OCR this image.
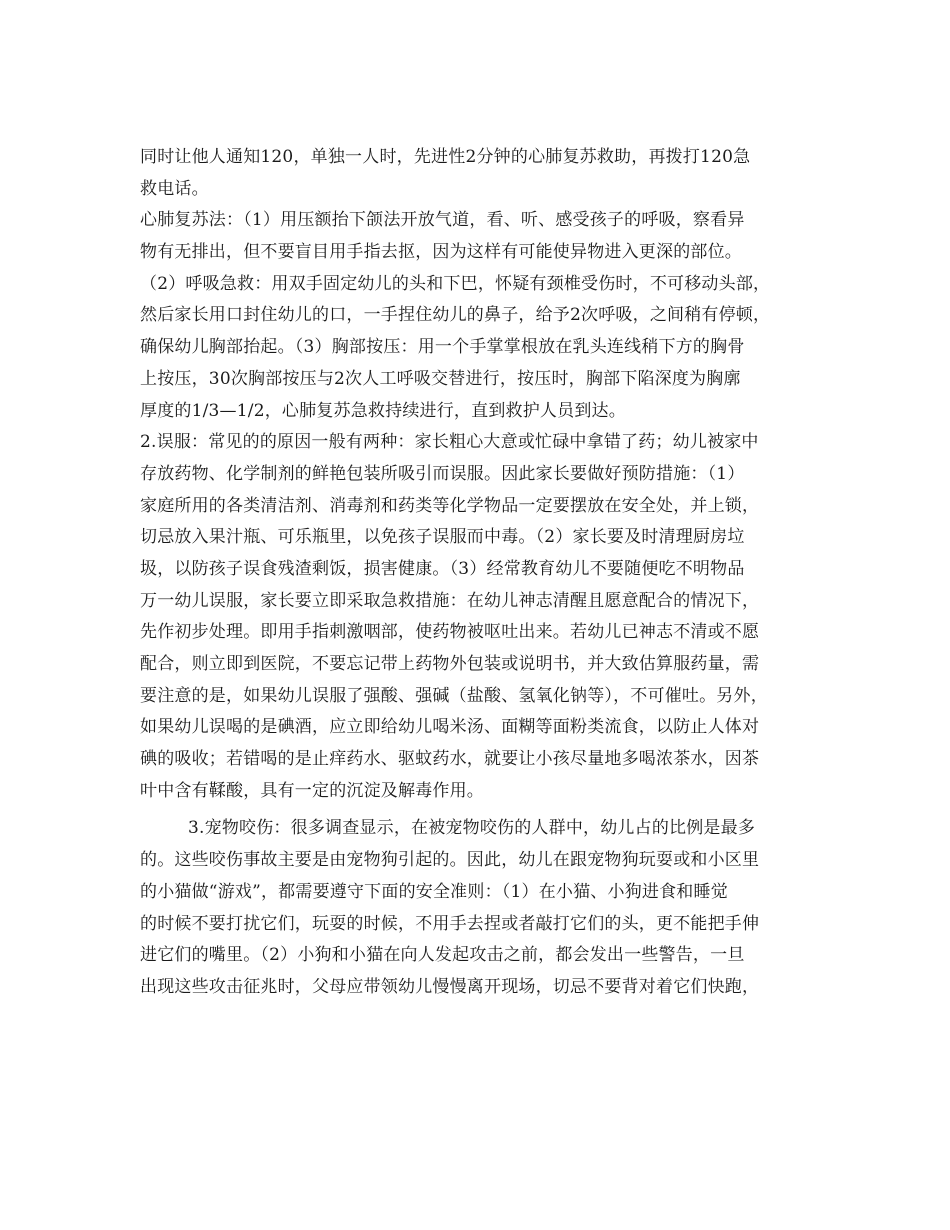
同时让他人通知120，单独一人时，先进性2分钟的心肺复苏救助，再拨打120急
救电话。
心肺复苏法：（1）用压额抬下颌法开放气道，看、听、感受孩子的呼吸，察看异
物有无排出，但不要盲目用手指去抠，因为这样有可能使异物进入更深的部位。
（2）呼吸急救：用双手固定幼儿的头和下巴，怀疑有颈椎受伤时，不可移动头部，
然后家长用口封住幼儿的口，一手捏住幼儿的鼻子，给予2次呼吸，之间稍有停顿，
确保幼儿胸部抬起。（3）胸部按压：用一个手掌掌根放在乳头连线稍下方的胸骨
上按压，30次胸部按压与2次人工呼吸交替进行，按压时，胸部下陷深度为胸廓
厚度的1/3—1/2，心肺复苏急救持续进行，直到救护人员到达。
2.误服：常见的的原因一般有两种：家长粗心大意或忙碌中拿错了药；幼儿被家中
存放药物、化学制剂的鲜艳包装所吸引而误服。因此家长要做好预防措施：（1）
家庭所用的各类清洁剂、消毒剂和药类等化学物品一定要摆放在安全处，并上锁，
切忌放入果汁瓶、可乐瓶里，以免孩子误服而中毒。（2）家长要及时清理厨房垃
圾，以防孩子误食残渣剩饭，损害健康。（3）经常教育幼儿不要随便吃不明物品
万一幼儿误服，家长要立即采取急救措施：在幼儿神志清醒且愿意配合的情况下，
先作初步处理。即用手指刺激咽部，使药物被呕吐出来。若幼儿已神志不清或不愿
配合，则立即到医院，不要忘记带上药物外包装或说明书，并大致估算服药量，需
要注意的是，如果幼儿误服了强酸、强碱（盐酸、氢氧化钠等），不可催吐。另外，
如果幼儿误喝的是碘酒，应立即给幼儿喝米汤、面糊等面粉类流食，以防止人体对
碘的吸收；若错喝的是止痒药水、驱蚊药水，就要让小孩尽量地多喝浓茶水，因茶
叶中含有鞣酸，具有一定的沉淀及解毒作用。
3.宠物咬伤：很多调查显示，在被宠物咬伤的人群中，幼儿占的比例是最多
的。这些咬伤事故主要是由宠物狗引起的。因此，幼儿在跟宠物狗玩耍或和小区里
的小猫做“游戏”，都需要遵守下面的安全准则：（1）在小猫、小狗进食和睡觉
的时候不要打扰它们，玩耍的时候，不用手去捏或者敲打它们的头，更不能把手伸
进它们的嘴里。（2）小狗和小猫在向人发起攻击之前，都会发出一些警告，一旦
出现这些攻击征兆时，父母应带领幼儿慢慢离开现场，切忌不要背对着它们快跑，
